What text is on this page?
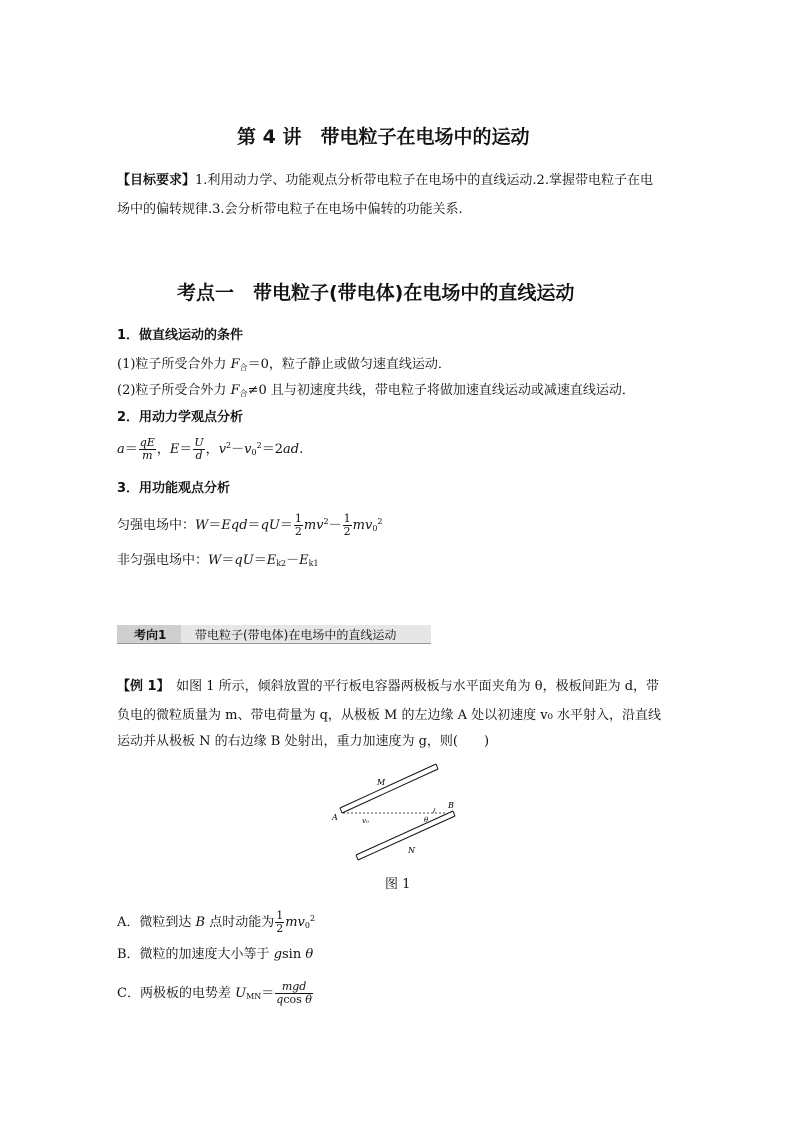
第 4 讲　带电粒子在电场中的运动
【目标要求】1.利用动力学、功能观点分析带电粒子在电场中的直线运动.2.掌握带电粒子在电
场中的偏转规律.3.会分析带电粒子在电场中偏转的功能关系.
考点一　带电粒子(带电体)在电场中的直线运动
1．做直线运动的条件
(1)粒子所受合外力 $F_合=0$，粒子静止或做匀速直线运动．
(2)粒子所受合外力 $F_合\ne 0$ 且与初速度共线，带电粒子将做加速直线运动或减速直线运动．
2．用动力学观点分析
$a= \frac{qE}{m}$ ，$E= \frac{U}{d}$ ，$v^2-v_0^2=2ad$.
3．用功能观点分析
匀强电场中：$W=Eqd=qU= \frac{1}{2} mv^2- \frac{1}{2} mv_0^2$
非匀强电场中：$W=qU=E_{k2}-E_{k1}$
考向1 带电粒子(带电体)在电场中的直线运动
【例 1】　 如图 1 所示，倾斜放置的平行板电容器两极板与水平面夹角为 θ，极板间距为 d，带
负电的微粒质量为 m、带电荷量为 q，从极板 M 的左边缘 A 处以初速度 v₀ 水平射入，沿直线
运动并从极板 N 的右边缘 B 处射出，重力加速度为 g，则(　　)
M
N
A
B
v₀	θ
图 1
A．微粒到达 B 点时动能为 $\frac{1}{2} mv_0^2$
B．微粒的加速度大小等于 gsin θ
C．两极板的电势差 $U_{MN}= \frac{\text{mgd}}{\text{qcos θ}}$
